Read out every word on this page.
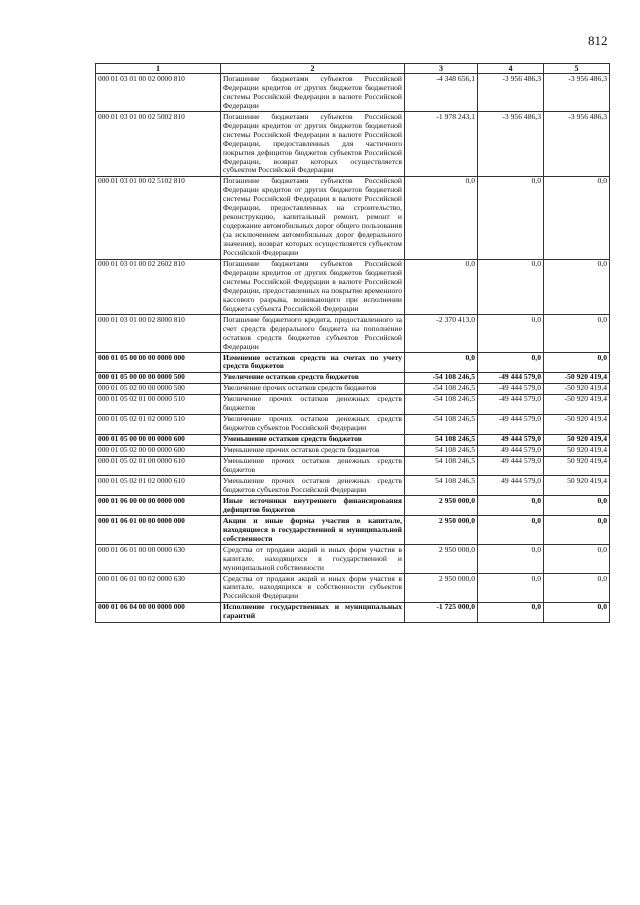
812
1	2	3	4	5
000 01 03 01 00 02 0000 810	Погашение бюджетами субъектов Российской Федерации кредитов от других бюджетов бюджетной системы Российской Федерации в валюте Российской Федерации	-4 348 656,1	-3 956 486,3	-3 956 486,3
000 01 03 01 00 02 5002 810	Погашение бюджетами субъектов Российской Федерации кредитов от других бюджетов бюджетной системы Российской Федерации в валюте Российской Федерации, предоставленных для частичного покрытия дефицитов бюджетов субъектов Российской Федерации, возврат которых осуществляется субъектом Российской Федерации	-1 978 243,1	-3 956 486,3	-3 956 486,3
000 01 03 01 00 02 5102 810	Погашение бюджетами субъектов Российской Федерации кредитов от других бюджетов бюджетной системы Российской Федерации в валюте Российской Федерации, предоставленных на строительство, реконструкцию, капитальный ремонт, ремонт и содержание автомобильных дорог общего пользования (за исключением автомобильных дорог федерального значения), возврат которых осуществляется субъектом Российской Федерации	0,0	0,0	0,0
000 01 03 01 00 02 2602 810	Погашение бюджетами субъектов Российской Федерации кредитов от других бюджетов бюджетной системы Российской Федерации в валюте Российской Федерации, предоставленных на покрытие временного кассового разрыва, возникающего при исполнении бюджета субъекта Российской Федерации	0,0	0,0	0,0
000 01 03 01 00 02 8000 810	Погашение бюджетного кредита, предоставленного за счет средств федерального бюджета на пополнение остатков средств бюджетов субъектов Российской Федерации	-2 370 413,0	0,0	0,0
000 01 05 00 00 00 0000 000	Изменение остатков средств на счетах по учету средств бюджетов	0,0	0,0	0,0
000 01 05 00 00 00 0000 500	Увеличение остатков средств бюджетов	-54 108 246,5	-49 444 579,0	-50 920 419,4
000 01 05 02 00 00 0000 500	Увеличение прочих остатков средств бюджетов	-54 108 246,5	-49 444 579,0	-50 920 419,4
000 01 05 02 01 00 0000 510	Увеличение прочих остатков денежных средств бюджетов	-54 108 246,5	-49 444 579,0	-50 920 419,4
000 01 05 02 01 02 0000 510	Увеличение прочих остатков денежных средств бюджетов субъектов Российской Федерации	-54 108 246,5	-49 444 579,0	-50 920 419,4
000 01 05 00 00 00 0000 600	Уменьшение остатков средств бюджетов	54 108 246,5	49 444 579,0	50 920 419,4
000 01 05 02 00 00 0000 600	Уменьшение прочих остатков средств бюджетов	54 108 246,5	49 444 579,0	50 920 419,4
000 01 05 02 01 00 0000 610	Уменьшение прочих остатков денежных средств бюджетов	54 108 246,5	49 444 579,0	50 920 419,4
000 01 05 02 01 02 0000 610	Уменьшение прочих остатков денежных средств бюджетов субъектов Российской Федерации	54 108 246,5	49 444 579,0	50 920 419,4
000 01 06 00 00 00 0000 000	Иные источники внутреннего финансирования дефицитов бюджетов	2 950 000,0	0,0	0,0
000 01 06 01 00 00 0000 000	Акции и иные формы участия в капитале, находящиеся в государственной и муниципальной собственности	2 950 000,0	0,0	0,0
000 01 06 01 00 00 0000 630	Средства от продажи акций и иных форм участия в капитале, находящихся в государственной и муниципальной собственности	2 950 000,0	0,0	0,0
000 01 06 01 00 02 0000 630	Средства от продажи акций и иных форм участия в капитале, находящихся в собственности субъектов Российской Федерации	2 950 000,0	0,0	0,0
000 01 06 04 00 00 0000 000	Исполнение государственных и муниципальных гарантий	-1 725 000,0	0,0	0,0
